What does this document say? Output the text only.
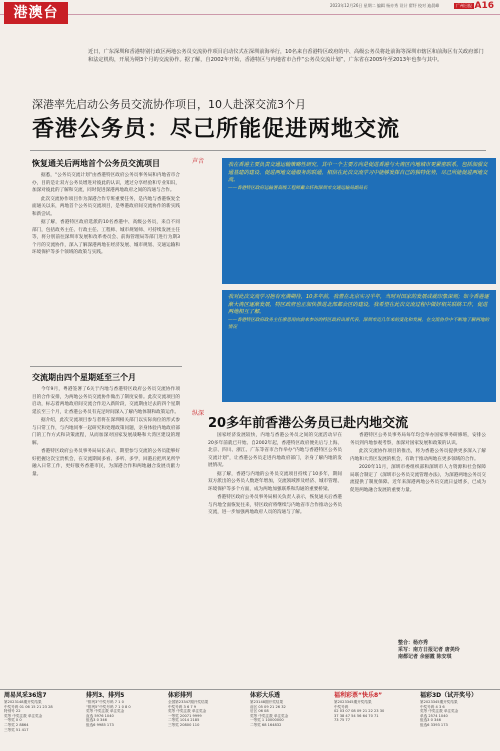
港澳台	2023年12月26日 星期二 编辑 杨亦秀 设计 翟纾 校对 迪晨峰	广州日报 A16
近日，广东深圳和香港特别行政区两地公务员交流协作项目启动仪式在深圳前海举行，10名来自香港特区政府的中、高级公务员将赴前海等深圳市辖区和前海区有关政府部门和法定机构，开展为期3个月的交流协作。据了解，自2002年开始，香港特区与内地省市合作“公务员交流计划”，广东省在2005年至2013年也参与其中。
深港率先启动公务员交流协作项目，10人赴深交流3个月
香港公务员：尽己所能促进两地交流
恢复通关后两地首个公务员交流项目

据悉，“公务员交流计划”由香港特区政府公务员事务局和内地省市合办，目的是让双方公务员增进对彼此的认识，透过分享经验和专业知识，加深对彼此的了解和交流，同时促进深港两地政府之间的沟通与合作。

此次交流协作项目作为深港合作专班重要任务，是内地与香港恢复全面通关以来，两地首个公务员交流项目，是粤港政府间交流协作的新实践和新尝试。

据了解，香港特区政府选派的10名香港中、高级公务员，来自不同部门，包括政务主任、行政主任、工程师、城市规划师、可持续发展主任等，将分别前往深圳市发展和改革委员会、前海管理局等部门进行为期3个月的交流协作，深入了解深港两地在经济发展、城市规划、交通运输和环境保护等多个领域的政策与实践。

交流期由四个星期延至三个月

今年9月，粤港签署了6关于内地与香港特区政府公务员交流协作项目的合作安排，为两地公务员交流协作做出了制度安排。此次交流项目的启动，标志着两地政府间交流合作迈入新阶段，交流期由过去的四个星期延长至三个月，让香港公务员有充足时间深入了解内地体制和政策运作。

据介绍，此次交流项目参与者将在深圳相关部门以实际岗位的形式参与日常工作，与内地同事一起研究和处理政策问题，亲身体验内地政府部门的工作方式和决策流程，从而加深对国家发展战略和大湾区建设的理解。

香港特区政府公务员事务局局长表示，期望参与交流的公务员能够好好把握这次宝贵机会，在交流期间多看、多听、多学，回港后把所见所学融入日常工作，更好服务香港市民，为深港合作和两地融合发展贡献力量。

声音	我在香港主要负责交通运输策略性研究，其中一个主要方向是促进香港与大湾区内地城市更紧密联系，包括加强交通基建的建设、促进两地交通服务的联通，相信在此次交流学习中能够发挥自己的独特优势，尽己所能促进两地交流。
——香港特区政府运输署高级工程师戴立轩和深圳市交通运输局副局长
我对此次交流学习抱有充满期待，10多年前，我曾在北京实习半年，当时对国家的发展成就印象深刻；如今香港逐渐大湾区逐渐发展，特区政府也正加快推进北部都会区的建设，我希望在此次交流过程中做好相关联络工作，促进两地相互了解。
——香港特区政府政务主任廖思雨向前来参访的特区政府出席代表，深圳市近几年来的变化和发展，在交流协作中不断地了解两地的情况
纵深
20多年前香港公务员已赴内地交流

国家经济发展较快，内地与香港公务员之间的交流活动早在20多年前就已开始。自2002年起，香港特区政府便先后与上海、北京、四川、浙江、广东等省市合作举办“内地与香港特区公务员交流计划”，让香港公务员走进内地政府部门，亲身了解内地的发展情况。

据了解，香港与内地的公务员交流项目持续了10多年，期间双方派出的公务员人数逐年增加，交流领域涉及经济、城市管理、环境保护等多个方面，成为两地加强联系和沟通的重要桥梁。

香港特区政府公务员事务局相关负责人表示，恢复通关后香港与内地全面恢复往来，特区政府将继续与内地省市合作推动公务员交流，进一步加强两地政府人员的沟通与了解。

香港特区公务员事务局每年均会举办国家事务研修班，安排公务员到内地参观考察，加深对国家发展和政策的认识。

此次交流协作项目的推出，将为香港公务员提供更多深入了解内地和大湾区发展的机会，有助于推动两地在更多领域的合作。

2020年11月，深圳市委组织部和深圳市人力资源和社会保障局联合制定了《深圳市公务员交流管理办法》，为深港两地公务员交流提供了制度保障。近年来深港两地公务员交流日益增多，已成为促进两地融合发展的重要力量。

整合：杨亦秀
采写：南方日报记者 唐美玲
南都记者 余丽霞 陈安琪
周易风采36选7
第2023148期开奖结果
中奖号码 01 06 15 21 23 28
特别号 22
奖等 中奖注数 单注奖金
一等奖 0 0
二等奖 2 8864
三等奖 51 417
排列3、排列5
“排列3”中奖号码 7 1 0
“排列5”中奖号码 7 1 0 8 0
奖等 中奖注数 单注奖金
直选 5976 1040
组选3 0 346
组选6 9985 173
体彩排列
全国第23347期开奖结果
中奖号码 3 6 7 9
奖等 中奖注数 单注奖金
一等奖 20071 9999
二等奖 1014 2185
三等奖 20800 110
体彩大乐透
第23148期开奖结果
前区 05 09 21 26 32
后区 06 08
奖等 中奖注数 单注奖金
一等奖 1 10000000
二等奖 68 164832
福利彩票“快乐8”
第2023345期开奖结果
中奖号码
02 03 07 08 09 21 22 23 30
37 38 47 54 56 64 70 71
73 75 77
福彩3D（试开奖号）
第2023345期开奖结果
中奖号码 4 3 6
奖等 中奖注数 单注奖金
单选 2574 1040
组选3 0 346
组选6 3393 173
